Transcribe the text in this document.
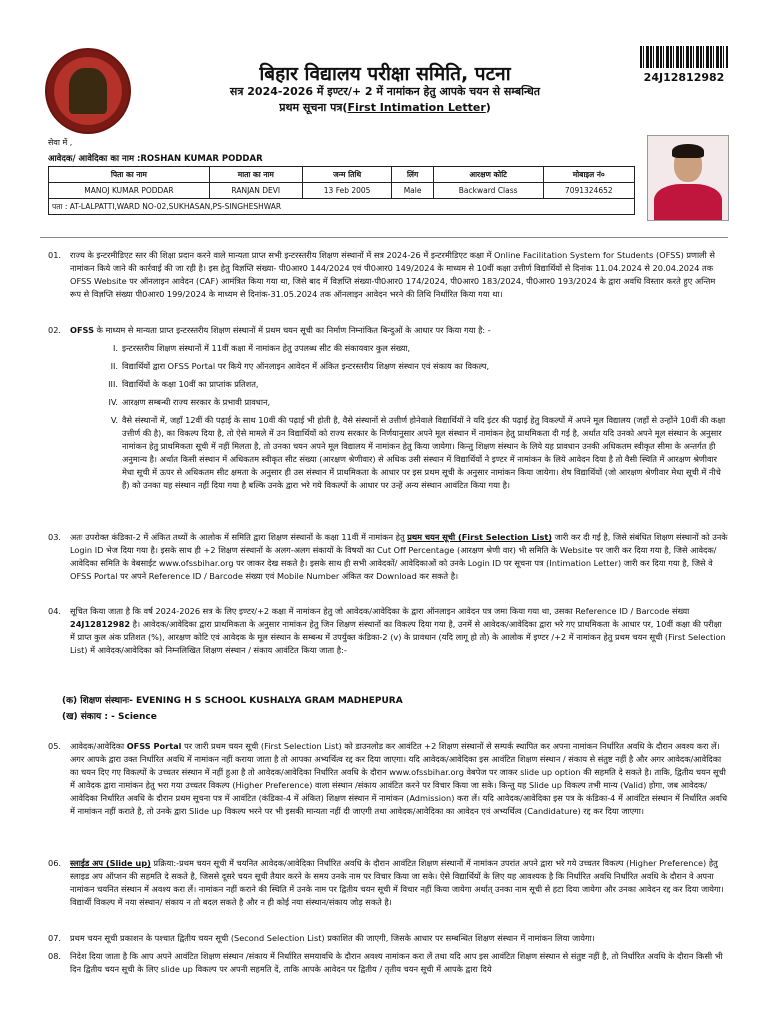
बिहार विद्यालय परीक्षा समिति, पटना
सत्र 2024-2026 में इण्टर/+ 2 में नामांकन हेतु आपके चयन से सम्बन्धित
प्रथम सूचना पत्र(First Intimation Letter)
24J12812982
सेवा में ,
आवेदक/ आवेदिका का नाम :ROSHAN KUMAR PODDAR
पिता का नाम	माता का नाम	जन्म तिथि	लिंग	आरक्षण कोटि	मोबाइल नं०
MANOJ KUMAR PODDAR	RANJAN DEVI	13 Feb 2005	Male	Backward Class	7091324652
पता : AT-LALPATTI,WARD NO-02,SUKHASAN,PS-SINGHESHWAR					
01. राज्य के इन्टरमीडिएट स्तर की शिक्षा प्रदान करने वाले मान्यता प्राप्त सभी इन्टरस्तरीय शिक्षण संस्थानों में सत्र 2024-26 में इन्टरमीडिएट कक्षा में Online Facilitation System for Students (OFSS) प्रणाली से नामांकन किये जाने की कार्रवाई की जा रही है। इस हेतु विज्ञप्ति संख्या- पी0आर0 144/2024 एवं पी0आर0 149/2024 के माध्यम से 10वीं कक्षा उत्तीर्ण विद्यार्थियों से दिनांक 11.04.2024 से 20.04.2024 तक OFSS Website पर ऑनलाइन आवेदन (CAF) आमंत्रित किया गया था, जिसे बाद में विज्ञप्ति संख्या-पी0आर0 174/2024, पी0आर0 183/2024, पी0आर0 193/2024 के द्वारा अवधि विस्तार करते हुए अन्तिम रूप से विज्ञप्ति संख्या पी0आर0 199/2024 के माध्यम से दिनांक-31.05.2024 तक ऑनलाइन आवेदन भरने की तिथि निर्धारित किया गया था।
02. OFSS के माध्यम से मान्यता प्राप्त इन्टरस्तरीय शिक्षण संस्थानों में प्रथम चयन सूची का निर्माण निम्नांकित बिन्दुओं के आधार पर किया गया है: -
I. इन्टरस्तरीय शिक्षण संस्थानों में 11वीं कक्षा में नामांकन हेतु उपलब्ध सीट की संकायवार कुल संख्या,
II. विद्यार्थियों द्वारा OFSS Portal पर किये गए ऑनलाइन आवेदन में अंकित इन्टरस्तरीय शिक्षण संस्थान एवं संकाय का विकल्प,
III. विद्यार्थियों के कक्षा 10वीं का प्राप्तांक प्रतिशत,
IV. आरक्षण सम्बन्धी राज्य सरकार के प्रभावी प्रावधान,
V. वैसे संस्थानों में, जहाँ 12वीं की पढ़ाई के साथ 10वीं की पढ़ाई भी होती है, वैसे संस्थानों से उत्तीर्ण होनेवाले विद्यार्थियों ने यदि इंटर की पढ़ाई हेतु विकल्पों में अपने मूल विद्यालय (जहाँ से उन्होंने 10वीं की कक्षा उत्तीर्ण की है), का विकल्प दिया है, तो ऐसे मामले में उन विद्यार्थियों को राज्य सरकार के निर्णयानुसार अपने मूल संस्थान में नामांकन हेतु प्राथमिकता दी गई है, अर्थात यदि उनको अपने मूल संस्थान के अनुसार नामांकन हेतु प्राथमिकता सूची में नहीं मिलता है, तो उनका चयन अपने मूल विद्यालय में नामांकन हेतु किया जायेगा। किन्तु शिक्षण संस्थान के लिये यह प्रावधान उनकी अधिकतम स्वीकृत सीमा के अन्तर्गत ही अनुमान्य है। अर्थात किसी संस्थान में अधिकतम स्वीकृत सीट संख्या (आरक्षण श्रेणीवार) से अधिक उसी संस्थान में विद्यार्थियों ने इण्टर में नामांकन के लिये आवेदन दिया है तो वैसी स्थिति में आरक्षण श्रेणीवार मेधा सूची में ऊपर से अधिकतम सीट क्षमता के अनुसार ही उस संस्थान में प्राथमिकता के आधार पर इस प्रथम सूची के अनुसार नामांकन किया जायेगा। शेष विद्यार्थियों (जो आरक्षण श्रेणीवार मेधा सूची में नीचे हैं) को उनका यह संस्थान नहीं दिया गया है बल्कि उनके द्वारा भरे गये विकल्पों के आधार पर उन्हें अन्य संस्थान आवंटित किया गया है।
03. अतः उपरोक्त कंडिका-2 में अंकित तथ्यों के आलोक में समिति द्वारा शिक्षण संस्थानों के कक्षा 11वीं में नामांकन हेतु प्रथम चयन सूची (First Selection List) जारी कर दी गई है, जिसे संबंधित शिक्षण संस्थानों को उनके Login ID भेज दिया गया है। इसके साथ ही +2 शिक्षण संस्थानों के अलग-अलग संकायों के विषयों का Cut Off Percentage (आरक्षण श्रेणी वार) भी समिति के Website पर जारी कर दिया गया है, जिसे आवेदक/आवेदिका समिति के वेबसाईट www.ofssbihar.org पर जाकर देख सकते है। इसके साथ ही सभी आवेदकों/ आवेदिकाओं को उनके Login ID पर सूचना पत्र (Intimation Letter) जारी कर दिया गया है, जिसे वे OFSS Portal पर अपने Reference ID / Barcode संख्या एवं Mobile Number अंकित कर Download कर सकते है।
04. सूचित किया जाता है कि वर्ष 2024-2026 सत्र के लिए इण्टर/+2 कक्षा में नामांकन हेतु जो आवेदक/आवेदिका के द्वारा ऑनलाइन आवेदन पत्र जमा किया गया था, उसका Reference ID / Barcode संख्या 24J12812982 है। आवेदक/आवेदिका द्वारा प्राथमिकता के अनुसार नामांकन हेतु जिन शिक्षण संस्थानों का विकल्प दिया गया है, उनमें से आवेदक/आवेदिका द्वारा भरे गए प्राथमिकता के आधार पर, 10वीं कक्षा की परीक्षा में प्राप्त कुल अंक प्रतिशत (%), आरक्षण कोटि एवं आवेदक के मूल संस्थान के सम्बन्ध में उपर्युक्त कंडिका-2 (v) के प्रावधान (यदि लागू हो तो) के आलोक में इण्टर /+2 में नामांकन हेतु प्रथम चयन सूची (First Selection List) में आवेदक/आवेदिका को निम्नलिखित शिक्षण संस्थान / संकाय आवंटित किया जाता है:-
(क) शिक्षण संस्थानः- EVENING H S SCHOOL KUSHALYA GRAM MADHEPURA
(ख) संकाय : - Science
05. आवेदक/आवेदिका OFSS Portal पर जारी प्रथम चयन सूची (First Selection List) को डाउनलोड कर आवंटित +2 शिक्षण संस्थानों से सम्पर्क स्थापित कर अपना नामांकन निर्धारित अवधि के दौरान अवश्य करा लें। अगर आपके द्वारा उक्त निर्धारित अवधि में नामांकन नहीं कराया जाता है तो आपका अभ्यर्थित्व रद्द कर दिया जाएगा। यदि आवेदक/आवेदिका इस आवंटित शिक्षण संस्थान / संकाय से संतुष्ट नहीं है और अगर आवेदक/आवेदिका का चयन दिए गए विकल्पों के उच्चतर संस्थान में नहीं हुआ है तो आवेदक/आवेदिका निर्धारित अवधि के दौरान www.ofssbihar.org वेबपेज पर जाकर slide up option की सहमति दे सकते है। ताकि, द्वितीय चयन सूची में आवेदक द्वारा नामांकन हेतु भरा गया उच्चतर विकल्प (Higher Preference) वाला संस्थान /संकाय आवंटित करने पर विचार किया जा सके। किन्तु यह Slide up विकल्प तभी मान्य (Valid) होगा, जब आवेदक/आवेदिका निर्धारित अवधि के दौरान प्रथम सूचना पत्र में आवंटित (कंडिका-4 में अंकित) शिक्षण संस्थान में नामांकन (Admission) करा लें। यदि आवेदक/आवेदिका इस पत्र के कंडिका-4 में आवंटित संस्थान में निर्धारित अवधि में नामांकन नहीं कराते है, तो उनके द्वारा Slide up विकल्प भरने पर भी इसकी मान्यता नहीं दी जाएगी तथा आवेदक/आवेदिका का आवेदन एवं अभ्यर्थित्व (Candidature) रद्द कर दिया जाएगा।
06. स्लाईड अप (Slide up) प्रक्रिया:-प्रथम चयन सूची में चयनित आवेदक/आवेदिका निर्धारित अवधि के दौरान आवंटित शिक्षण संस्थानों में नामांकन उपरांत अपने द्वारा भरे गये उच्चतर विकल्प (Higher Preference) हेतु स्लाइड अप ऑप्शन की सहमति दे सकते है, जिससे दूसरे चयन सूची तैयार करने के समय उनके नाम पर विचार किया जा सके। ऐसे विद्यार्थियों के लिए यह आवश्यक है कि निर्धारित अवधि निर्धारित अवधि के दौरान वे अपना नामांकन चयनित संस्थान में अवश्य करा लें। नामांकन नहीं कराने की स्थिति में उनके नाम पर द्वितीय चयन सूची में विचार नहीं किया जायेगा अर्थात् उनका नाम सूची से हटा दिया जायेगा और उनका आवेदन रद्द कर दिया जायेगा। विद्यार्थी विकल्प में नया संस्थान/ संकाय न तो बदल सकते है और न ही कोई नया संस्थान/संकाय जोड़ सकते है।
07. प्रथम चयन सूची प्रकाशन के पश्चात द्वितीय चयन सूची (Second Selection List) प्रकाशित की जाएगी, जिसके आधार पर सम्बन्धित शिक्षण संस्थान में नामांकन लिया जायेगा।
08. निदेश दिया जाता है कि आप अपने आवंटित शिक्षण संस्थान /संकाय में निर्धारित समयावधि के दौरान अवश्य नामांकन करा लें तथा यदि आप इस आवंटित शिक्षण संस्थान से संतुष्ट नहीं है, तो निर्धारित अवधि के दौरान किसी भी दिन द्वितीय चयन सूची के लिए slide up विकल्प पर अपनी सहमति दें, ताकि आपके आवेदन पर द्वितीय / तृतीय चयन सूची में आपके द्वारा दिये
